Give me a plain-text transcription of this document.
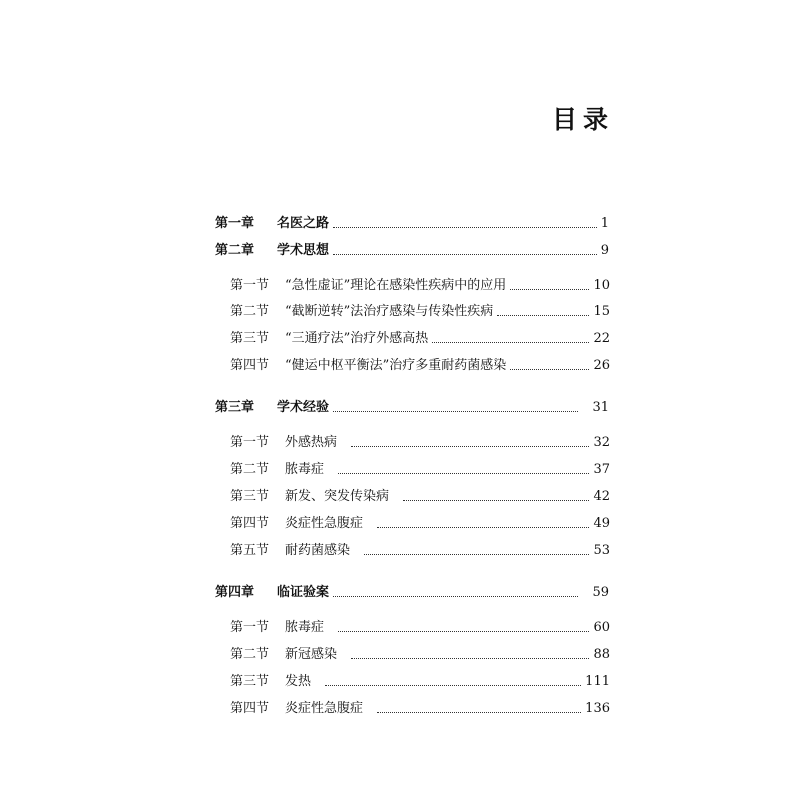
目录
第一章	名医之路	1
第二章	学术思想	9
第一节	“急性虚证”理论在感染性疾病中的应用	10
第二节	“截断逆转”法治疗感染与传染性疾病	15
第三节	“三通疗法”治疗外感高热	22
第四节	“健运中枢平衡法”治疗多重耐药菌感染	26
第三章	学术经验	31
第一节	外感热病	32
第二节	脓毒症	37
第三节	新发、突发传染病	42
第四节	炎症性急腹症	49
第五节	耐药菌感染	53
第四章	临证验案	59
第一节	脓毒症	60
第二节	新冠感染	88
第三节	发热	111
第四节	炎症性急腹症	136
